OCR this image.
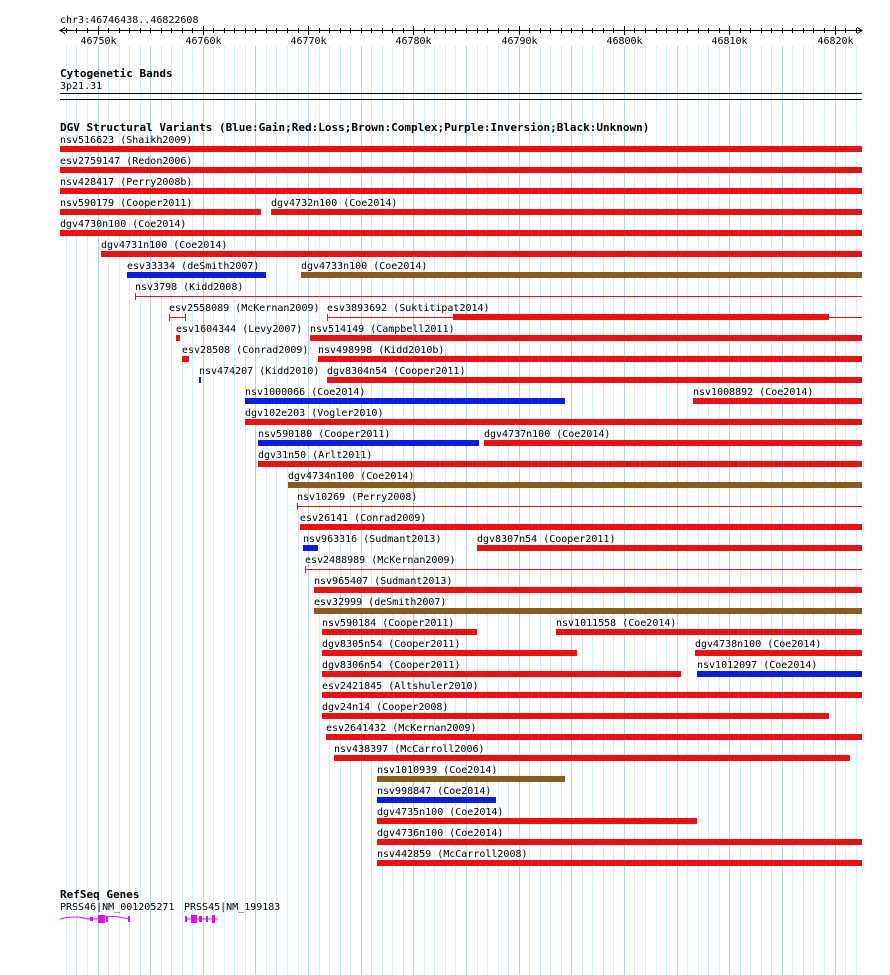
chr3:46746438..46822608
46750k	46760k	46770k	46780k	46790k	46800k	46810k	46820k
Cytogenetic Bands
3p21.31
DGV Structural Variants (Blue:Gain;Red:Loss;Brown:Complex;Purple:Inversion;Black:Unknown)
nsv516623 (Shaikh2009)
esv2759147 (Redon2006)
nsv428417 (Perry2008b)
nsv590179 (Cooper2011)	dgv4732n100 (Coe2014)
dgv4730n100 (Coe2014)
dgv4731n100 (Coe2014)
esv33334 (deSmith2007)	dgv4733n100 (Coe2014)
nsv3798 (Kidd2008)
esv2558089 (McKernan2009) esv3893692 (Suktitipat2014)
esv1604344 (Levy2007) nsv514149 (Campbell2011)
esv28508 (Conrad2009) nsv498998 (Kidd2010b)
nsv474207 (Kidd2010) dgv8304n54 (Cooper2011)
nsv1000066 (Coe2014)	nsv1008892 (Coe2014)
dgv102e203 (Vogler2010)
nsv590180 (Cooper2011)	dgv4737n100 (Coe2014)
dgv31n50 (Arlt2011)
dgv4734n100 (Coe2014)
nsv10269 (Perry2008)
esv26141 (Conrad2009)
nsv963316 (Sudmant2013)	dgv8307n54 (Cooper2011)
esv2488989 (McKernan2009)
nsv965407 (Sudmant2013)
esv32999 (deSmith2007)
nsv590184 (Cooper2011)	nsv1011558 (Coe2014)
dgv8305n54 (Cooper2011)	dgv4738n100 (Coe2014)
dgv8306n54 (Cooper2011)	nsv1012097 (Coe2014)
esv2421845 (Altshuler2010)
dgv24n14 (Cooper2008)
esv2641432 (McKernan2009)
nsv438397 (McCarroll2006)
nsv1010939 (Coe2014)
nsv998847 (Coe2014)
dgv4735n100 (Coe2014)
dgv4736n100 (Coe2014)
nsv442859 (McCarroll2008)
RefSeq Genes
PRSS46|NM_001205271 PRSS45|NM_199183
